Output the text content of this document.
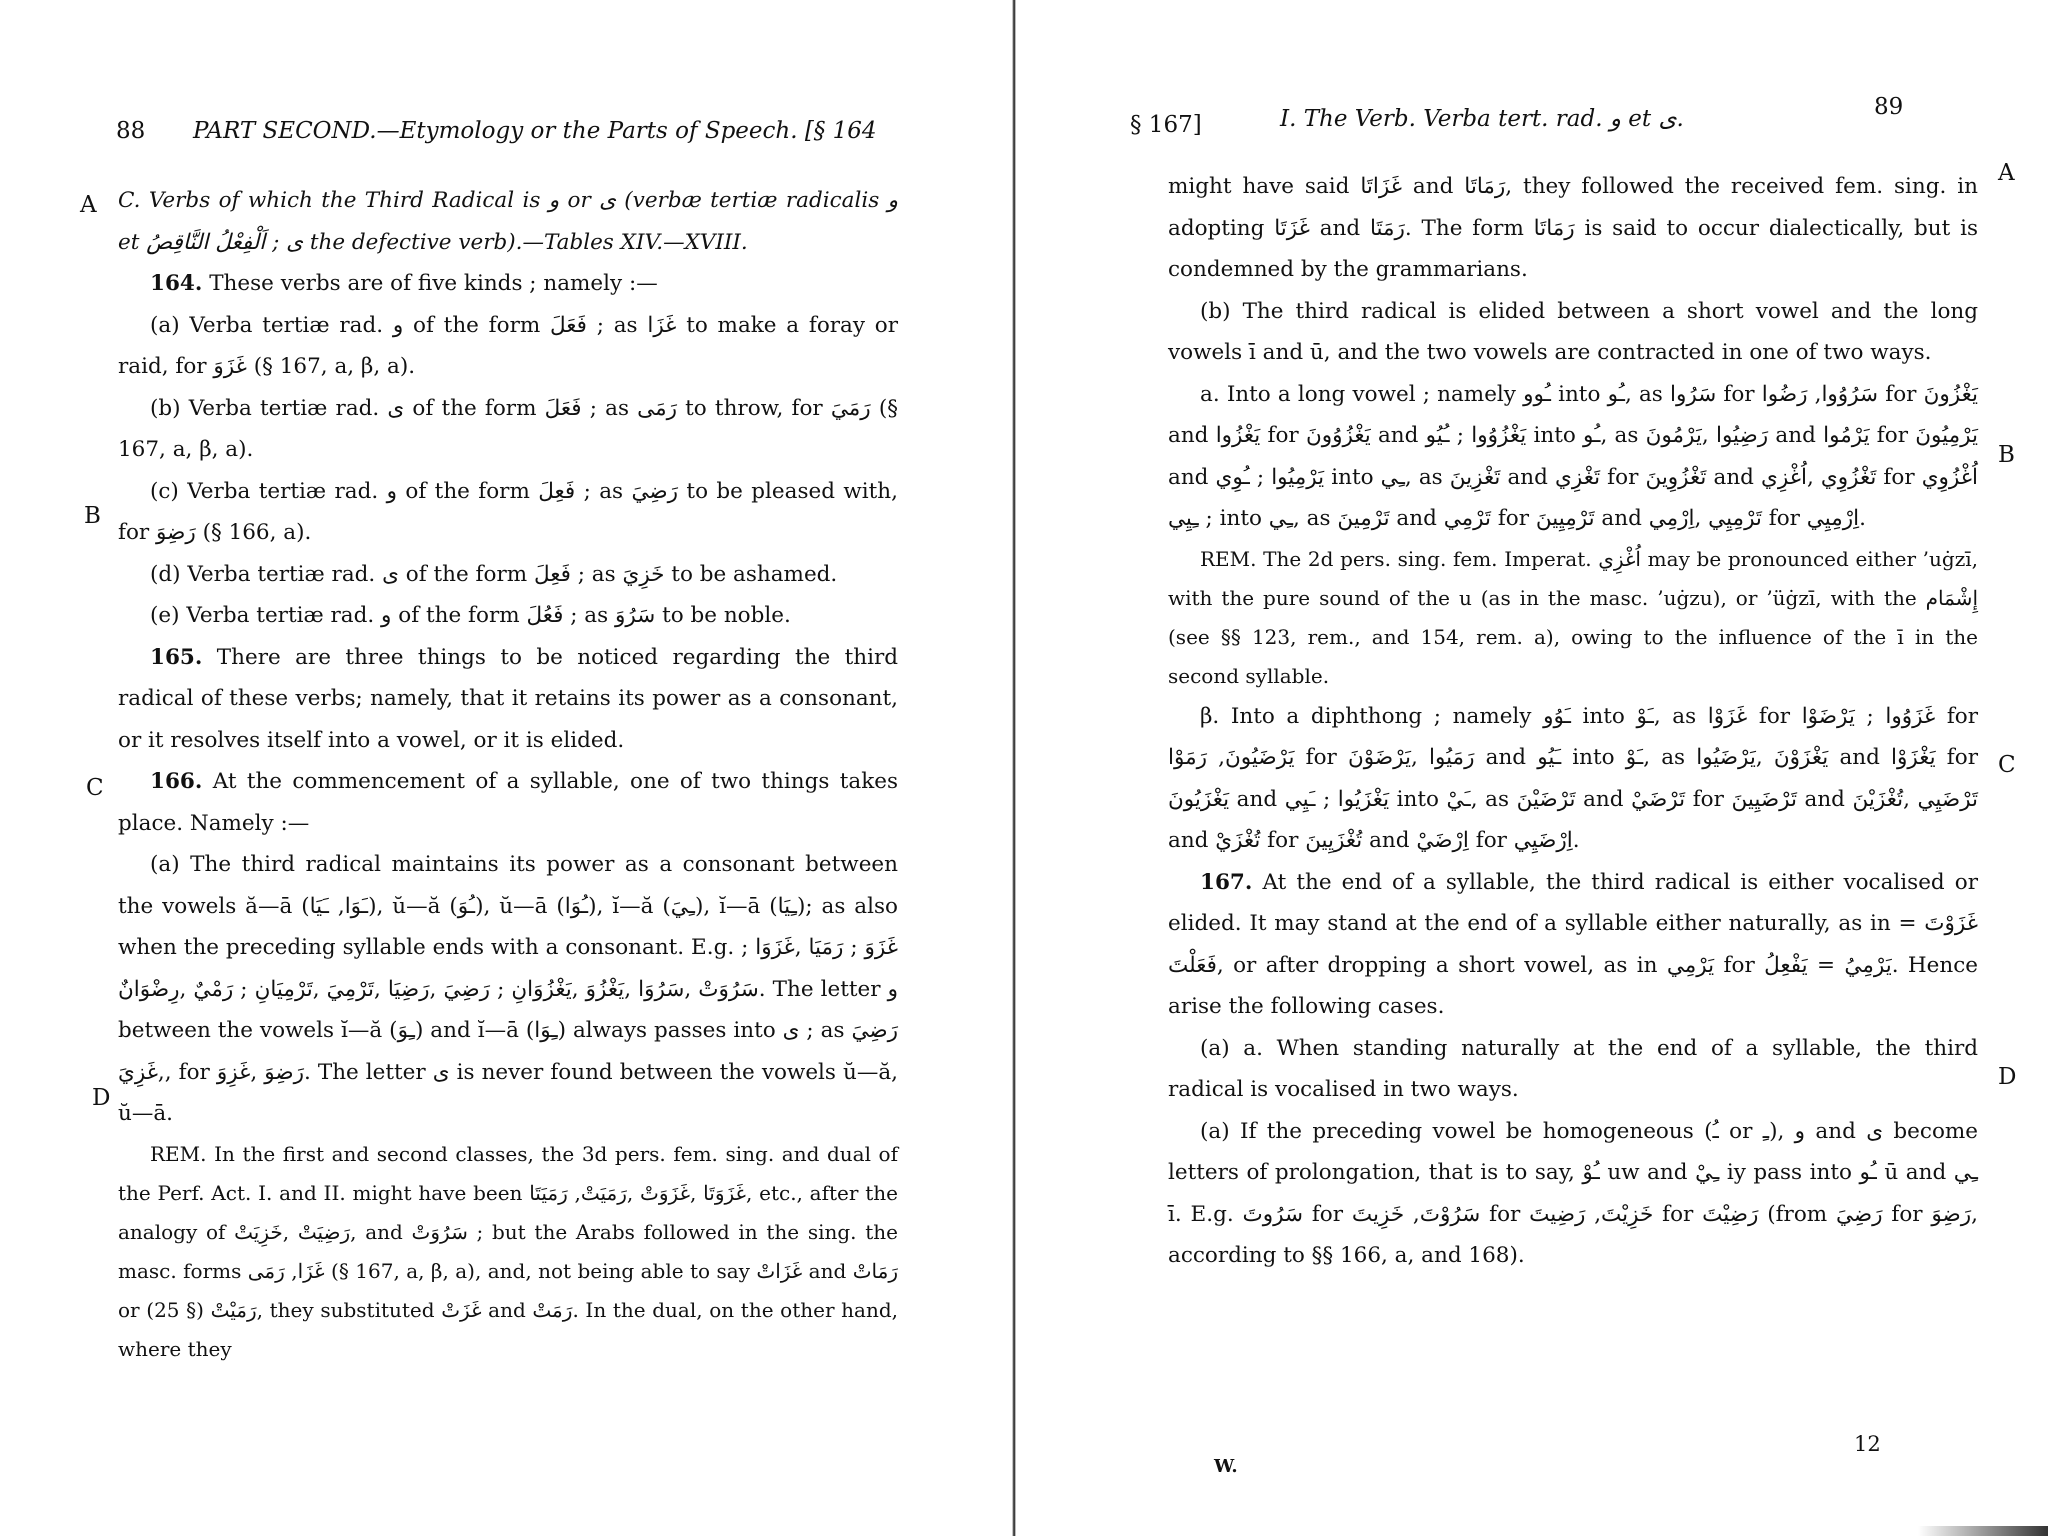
88 PART SECOND.—Etymology or the Parts of Speech. [§ 164
A
B
C
D

C. Verbs of which the Third Radical is و or ى (verbæ tertiæ radicalis و et ى ; اَلْفِعْلُ النَّاقِصُ the defective verb).—Tables XIV.—XVIII.

164. These verbs are of five kinds ; namely :—

(a) Verba tertiæ rad. و of the form فَعَلَ ; as غَزَا to make a foray or raid, for غَزَوَ (§ 167, a, β, a).

(b) Verba tertiæ rad. ى of the form فَعَلَ ; as رَمَى to throw, for رَمَيَ (§ 167, a, β, a).

(c) Verba tertiæ rad. و of the form فَعِلَ ; as رَضِيَ to be pleased with, for رَضِوَ (§ 166, a).

(d) Verba tertiæ rad. ى of the form فَعِلَ ; as خَزِيَ to be ashamed.

(e) Verba tertiæ rad. و of the form فَعُلَ ; as سَرُوَ to be noble.

165. There are three things to be noticed regarding the third radical of these verbs; namely, that it retains its power as a consonant, or it resolves itself into a vowel, or it is elided.

166. At the commencement of a syllable, one of two things takes place. Namely :—

(a) The third radical maintains its power as a consonant between the vowels ă—ā (ـَوَا, ـَيَا), ŭ—ă (ـُوَ), ŭ—ā (ـُوَا), ĭ—ă (ـِيَ), ĭ—ā (ـِيَا); as also when the preceding syllable ends with a consonant. E.g. غَزَوَ ; رَمَيَا ,غَزَوَا ; سَرُوَتْ ,سَرُوَا ,يَغْزُوَ ,يَغْزُوَانِ ; رَضِيَ ,رَضِيَا ,تَرْمِيَ ,تَرْمِيَانِ ; رَمْيٌ ,رِضْوَانٌ. The letter و between the vowels ĭ—ă (ـِوَ) and ĭ—ā (ـِوَا) always passes into ى ; as رَضِيَ ,غَزِيَ, for رَضِوَ ,غَزِوَ. The letter ى is never found between the vowels ŭ—ă, ŭ—ā.

REM. In the first and second classes, the 3d pers. fem. sing. and dual of the Perf. Act. I. and II. might have been غَزَوَتَا ,غَزَوَتْ ,رَمَيَتْ, رَمَيَتَا, etc., after the analogy of رَضِيَتْ ,خَزِيَتْ, and سَرُوَتْ ; but the Arabs followed in the sing. the masc. forms غَزَا, رَمَى (§ 167, a, β, a), and, not being able to say غَزَاتْ and رَمَاتْ or رَمَيْتْ (§ 25), they substituted غَزَتْ and رَمَتْ. In the dual, on the other hand, where they

§ 167]	I. The Verb. Verba tert. rad. و et ى.	89
A
B
C
D

might have said غَزَاتَا and رَمَاتَا, they followed the received fem. sing. in adopting غَزَتَا and رَمَتَا. The form رَمَاتَا is said to occur dialectically, but is condemned by the grammarians.

(b) The third radical is elided between a short vowel and the long vowels ī and ū, and the two vowels are contracted in one of two ways.

a. Into a long vowel ; namely ـُوو into ـُو, as سَرُوا for سَرُوُوا, رَضُوا for يَغْزُونَ and يَغْزُوا for يَغْزُوُونَ and يَغْزُوُوا ; ـُيُو into ـُو, as رَضِيُوا ,يَرْمُونَ and يَرْمُوا for يَرْمِيُونَ and يَرْمِيُوا ; ـُوِي into ـِي, as تَغْزِينَ and تَغْزِي for تَغْزُوِينَ and تَغْزُوِي ,اُغْزِي for اُغْزُوِي ; ـِيِي into ـِي, as تَرْمِينَ and تَرْمِي for تَرْمِيِينَ and تَرْمِيِي ,اِرْمِي for اِرْمِيِي.

REM. The 2d pers. sing. fem. Imperat. اُغْزِي may be pronounced either ’uġzī, with the pure sound of the u (as in the masc. ’uġzu), or ’üġzī, with the إِشْمَام (see §§ 123, rem., and 154, rem. a), owing to the influence of the ī in the second syllable.

β. Into a diphthong ; namely ـَوُو into ـَوْ, as غَزَوْا for غَزَوُوا ; يَرْضَوْا for يَرْضَيُونَ, رَمَوْا for رَمَيُوا ,يَرْضَوْنَ and ـَيُو into ـَوْ, as يَغْزَوْنَ ,يَرْضَيُوا and يَغْزَوْا for يَغْزَيُونَ and يَغْزَيُوا ; ـَيِي into ـَيْ, as تَرْضَيْنَ and تَرْضَيْ for تَرْضَيِينَ and تَرْضَيِي ,تُغْزَيْنَ and تُغْزَيْ for تُغْزَيِينَ and اِرْضَيْ for اِرْضَيِي.

167. At the end of a syllable, the third radical is either vocalised or elided. It may stand at the end of a syllable either naturally, as in غَزَوْتَ = فَعَلْتَ, or after dropping a short vowel, as in يَرْمِي for يَرْمِيُ = يَفْعِلُ. Hence arise the following cases.

(a) a. When standing naturally at the end of a syllable, the third radical is vocalised in two ways.

(a) If the preceding vowel be homogeneous (ـُ or ـِ), و and ى become letters of prolongation, that is to say, ـُوْ uw and ـِيْ iy pass into ـُو ū and ـِي ī. E.g. سَرُوتَ for سَرُوْتَ, خَزِيتَ for خَزِيْتَ, رَضِيتَ for رَضِيْتَ (from رَضِيَ for رَضِوَ, according to §§ 166, a, and 168).

W.
12
